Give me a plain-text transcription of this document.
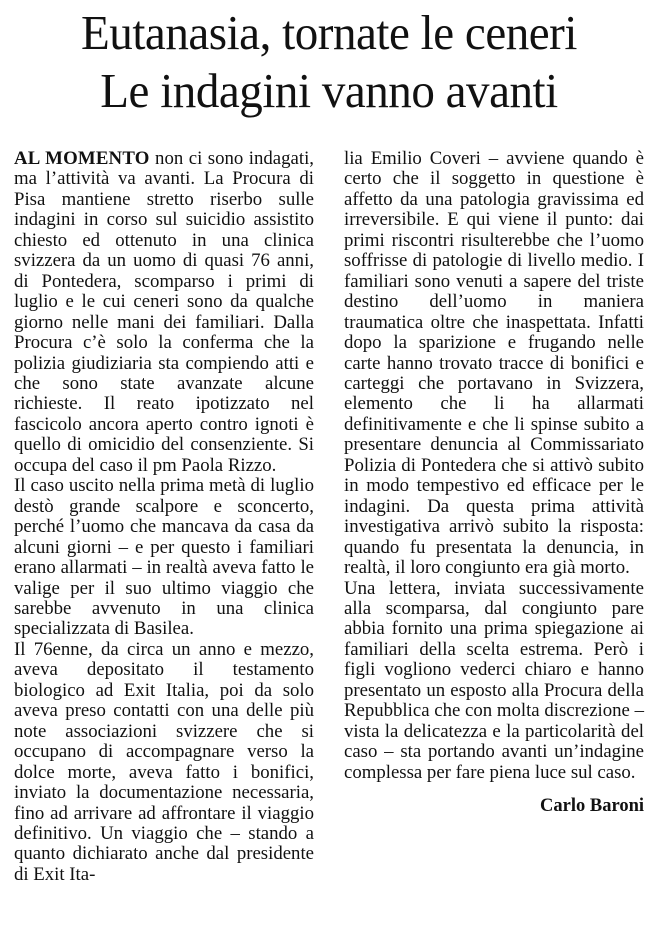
Eutanasia, tornate le ceneri
Le indagini vanno avanti

AL MOMENTO non ci sono indagati, ma l’attività va avanti. La Procura di Pisa mantiene stretto riserbo sulle indagini in corso sul suicidio assistito chiesto ed ottenuto in una clinica svizzera da un uomo di quasi 76 anni, di Pontedera, scomparso i primi di luglio e le cui ceneri sono da qualche giorno nelle mani dei familiari. Dalla Procura c’è solo la conferma che la polizia giudiziaria sta compiendo atti e che sono state avanzate alcune richieste. Il reato ipotizzato nel fascicolo ancora aperto contro ignoti è quello di omicidio del consenziente. Si occupa del caso il pm Paola Rizzo.

Il caso uscito nella prima metà di luglio destò grande scalpore e sconcerto, perché l’uomo che mancava da casa da alcuni giorni – e per questo i familiari erano allarmati – in realtà aveva fatto le valige per il suo ultimo viaggio che sarebbe avvenuto in una clinica specializzata di Basilea.

Il 76enne, da circa un anno e mezzo, aveva depositato il testamento biologico ad Exit Italia, poi da solo aveva preso contatti con una delle più note associazioni svizzere che si occupano di accompagnare verso la dolce morte, aveva fatto i bonifici, inviato la documentazione necessaria, fino ad arrivare ad affrontare il viaggio definitivo. Un viaggio che – stando a quanto dichiarato anche dal presidente di Exit Ita-

lia Emilio Coveri – avviene quando è certo che il soggetto in questione è affetto da una patologia gravissima ed irreversibile. E qui viene il punto: dai primi riscontri risulterebbe che l’uomo soffrisse di patologie di livello medio. I familiari sono venuti a sapere del triste destino dell’uomo in maniera traumatica oltre che inaspettata. Infatti dopo la sparizione e frugando nelle carte hanno trovato tracce di bonifici e carteggi che portavano in Svizzera, elemento che li ha allarmati definitivamente e che li spinse subito a presentare denuncia al Commissariato Polizia di Pontedera che si attivò subito in modo tempestivo ed efficace per le indagini. Da questa prima attività investigativa arrivò subito la risposta: quando fu presentata la denuncia, in realtà, il loro congiunto era già morto.

Una lettera, inviata successivamente alla scomparsa, dal congiunto pare abbia fornito una prima spiegazione ai familiari della scelta estrema. Però i figli vogliono vederci chiaro e hanno presentato un esposto alla Procura della Repubblica che con molta discrezione – vista la delicatezza e la particolarità del caso – sta portando avanti un’indagine complessa per fare piena luce sul caso.

Carlo Baroni
